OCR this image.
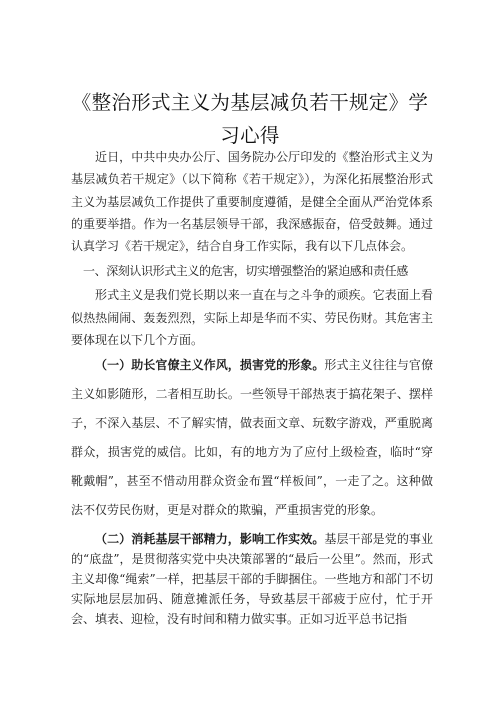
《整治形式主义为基层减负若干规定》学习心得

近日，中共中央办公厅、国务院办公厅印发的《整治形式主义为基层减负若干规定》（以下简称《若干规定》），为深化拓展整治形式主义为基层减负工作提供了重要制度遵循，是健全全面从严治党体系的重要举措。作为一名基层领导干部，我深感振奋，倍受鼓舞。通过认真学习《若干规定》，结合自身工作实际，我有以下几点体会。

一、深刻认识形式主义的危害，切实增强整治的紧迫感和责任感

形式主义是我们党长期以来一直在与之斗争的顽疾。它表面上看似热热闹闹、轰轰烈烈，实际上却是华而不实、劳民伤财。其危害主要体现在以下几个方面。

（一）助长官僚主义作风，损害党的形象。形式主义往往与官僚主义如影随形，二者相互助长。一些领导干部热衷于搞花架子、摆样子，不深入基层、不了解实情，做表面文章、玩数字游戏，严重脱离群众，损害党的威信。比如，有的地方为了应付上级检查，临时“穿靴戴帽”，甚至不惜动用群众资金布置“样板间”，一走了之。这种做法不仅劳民伤财，更是对群众的欺骗，严重损害党的形象。

（二）消耗基层干部精力，影响工作实效。基层干部是党的事业的“底盘”，是贯彻落实党中央决策部署的“最后一公里”。然而，形式主义却像“绳索”一样，把基层干部的手脚捆住。一些地方和部门不切实际地层层加码、随意摊派任务，导致基层干部疲于应付，忙于开会、填表、迎检，没有时间和精力做实事。正如习近平总书记指
